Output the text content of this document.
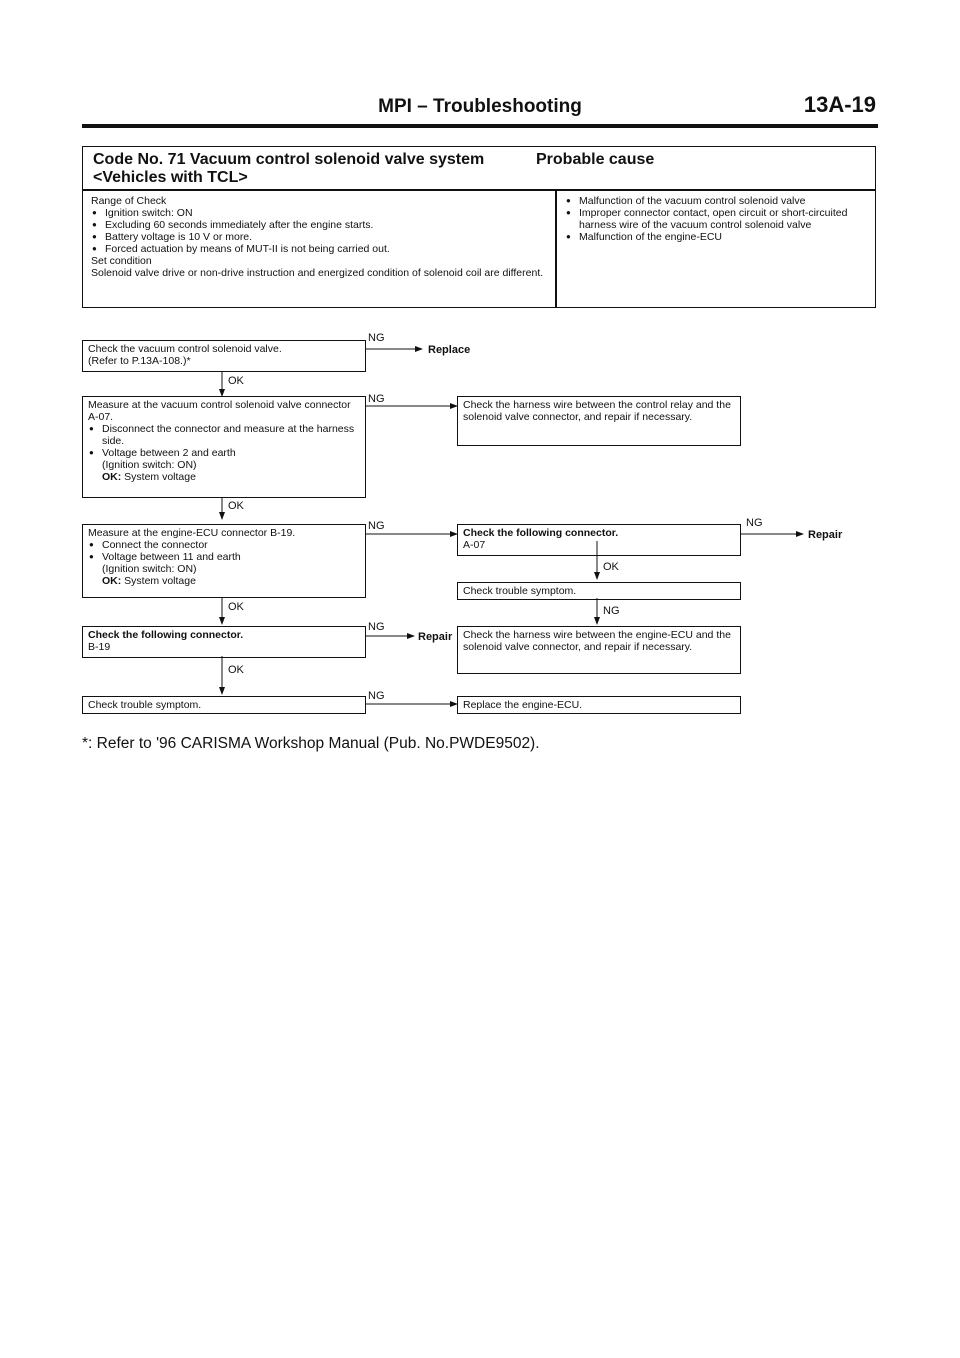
MPI – Troubleshooting	13A-19
Code No. 71 Vacuum control solenoid valve system
<Vehicles with TCL>
Probable cause
Range of Check
● Ignition switch: ON
● Excluding 60 seconds immediately after the engine starts.
● Battery voltage is 10 V or more.
● Forced actuation by means of MUT-II is not being carried out.
Set condition
Solenoid valve drive or non-drive instruction and energized condition of solenoid coil are different.
● Malfunction of the vacuum control solenoid valve
● Improper connector contact, open circuit or short-circuited harness wire of the vacuum control solenoid valve
● Malfunction of the engine-ECU
Check the vacuum control solenoid valve.
(Refer to P.13A-108.)*
Measure at the vacuum control solenoid valve connector A-07.
● Disconnect the connector and measure at the harness side.
● Voltage between 2 and earth
(Ignition switch: ON)
OK: System voltage
Check the harness wire between the control relay and the solenoid valve connector, and repair if necessary.
Measure at the engine-ECU connector B-19.
● Connect the connector
● Voltage between 11 and earth
(Ignition switch: ON)
OK: System voltage
Check the following connector.
A-07
Check trouble symptom.
Check the following connector.
B-19
Check the harness wire between the engine-ECU and the solenoid valve connector, and repair if necessary.
Check trouble symptom.	Replace the engine-ECU.
OK
OK
OK
OK
OK
NG
NG
NG
NG
NG
NG
NG
Replace
Repair
Repair
*: Refer to '96 CARISMA Workshop Manual (Pub. No.PWDE9502).
